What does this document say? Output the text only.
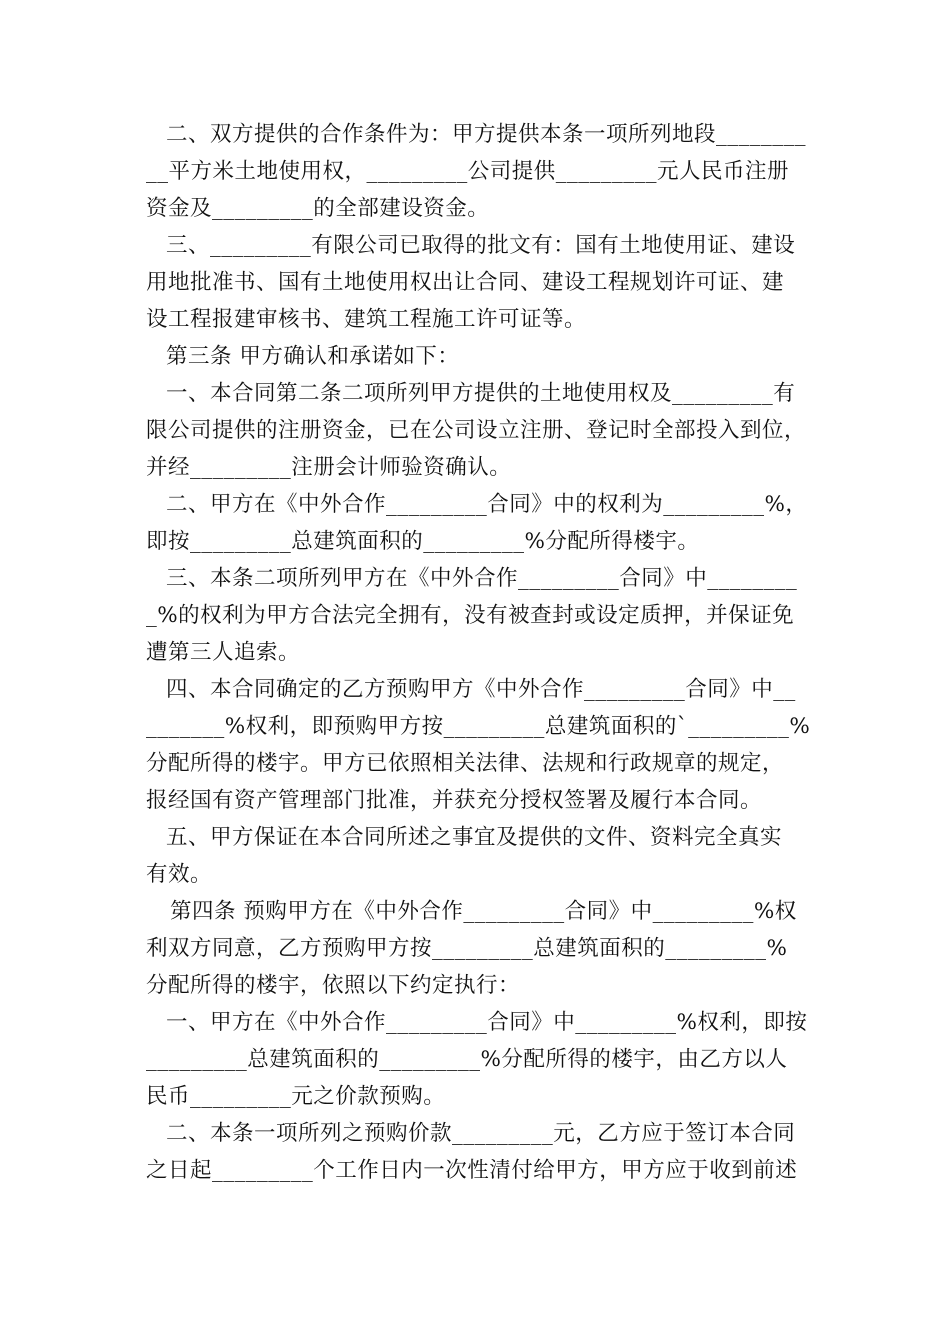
二、双方提供的合作条件为：甲方提供本条一项所列地段________
__平方米土地使用权，_________公司提供_________元人民币注册
资金及_________的全部建设资金。
三、_________有限公司已取得的批文有：国有土地使用证、建设
用地批准书、国有土地使用权出让合同、建设工程规划许可证、建
设工程报建审核书、建筑工程施工许可证等。
第三条 甲方确认和承诺如下：
一、本合同第二条二项所列甲方提供的土地使用权及_________有
限公司提供的注册资金，已在公司设立注册、登记时全部投入到位，
并经_________注册会计师验资确认。
二、甲方在《中外合作_________合同》中的权利为_________%，
即按_________总建筑面积的_________%分配所得楼宇。
三、本条二项所列甲方在《中外合作_________合同》中________
_%的权利为甲方合法完全拥有，没有被查封或设定质押，并保证免
遭第三人追索。
四、本合同确定的乙方预购甲方《中外合作_________合同》中__
_______%权利，即预购甲方按_________总建筑面积的`_________%
分配所得的楼宇。甲方已依照相关法律、法规和行政规章的规定，
报经国有资产管理部门批准，并获充分授权签署及履行本合同。
五、甲方保证在本合同所述之事宜及提供的文件、资料完全真实
有效。
第四条 预购甲方在《中外合作_________合同》中_________%权
利双方同意，乙方预购甲方按_________总建筑面积的_________%
分配所得的楼宇，依照以下约定执行：
一、甲方在《中外合作_________合同》中_________%权利，即按
_________总建筑面积的_________%分配所得的楼宇，由乙方以人
民币_________元之价款预购。
二、本条一项所列之预购价款_________元，乙方应于签订本合同
之日起_________个工作日内一次性清付给甲方，甲方应于收到前述
